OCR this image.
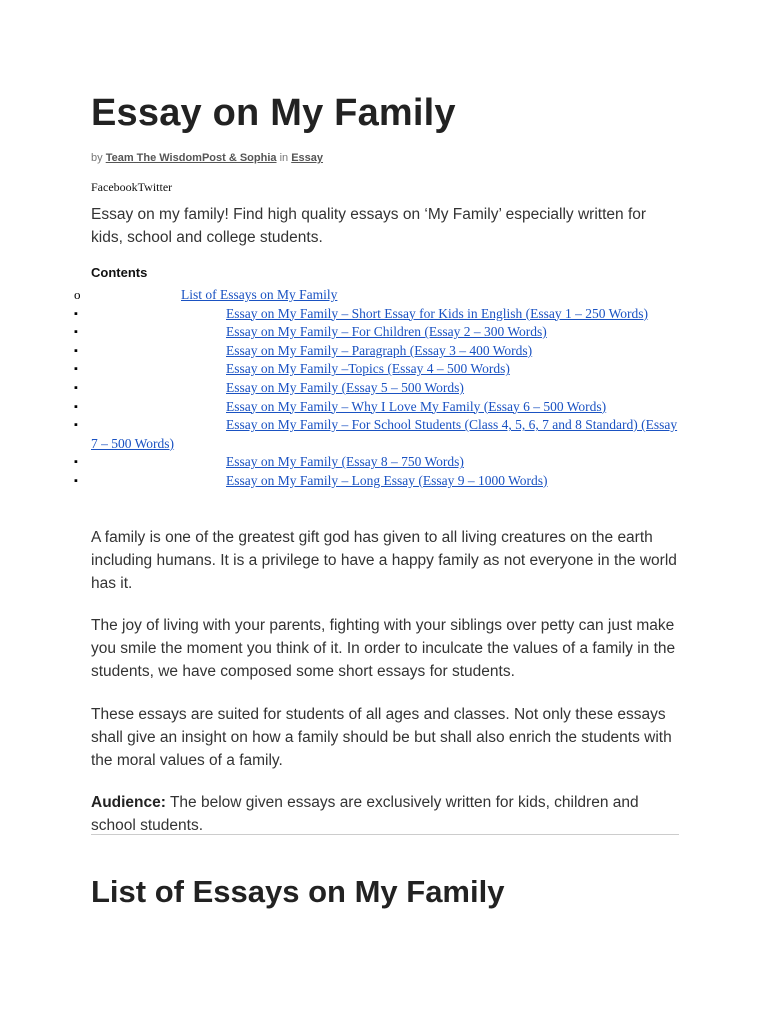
Essay on My Family
by Team The WisdomPost & Sophia in Essay
FacebookTwitter

Essay on my family! Find high quality essays on ‘My Family’ especially written for kids, school and college students.

Contents
o	List of Essays on My Family
▪	Essay on My Family – Short Essay for Kids in English (Essay 1 – 250 Words)
▪	Essay on My Family – For Children (Essay 2 – 300 Words)
▪	Essay on My Family – Paragraph (Essay 3 – 400 Words)
▪	Essay on My Family –Topics (Essay 4 – 500 Words)
▪	Essay on My Family (Essay 5 – 500 Words)
▪	Essay on My Family – Why I Love My Family (Essay 6 – 500 Words)
▪	Essay on My Family – For School Students (Class 4, 5, 6, 7 and 8 Standard) (Essay 7 – 500 Words)
▪	Essay on My Family (Essay 8 – 750 Words)
▪	Essay on My Family – Long Essay (Essay 9 – 1000 Words)

A family is one of the greatest gift god has given to all living creatures on the earth including humans. It is a privilege to have a happy family as not everyone in the world has it.

The joy of living with your parents, fighting with your siblings over petty can just make you smile the moment you think of it. In order to inculcate the values of a family in the students, we have composed some short essays for students.

These essays are suited for students of all ages and classes. Not only these essays shall give an insight on how a family should be but shall also enrich the students with the moral values of a family.

Audience: The below given essays are exclusively written for kids, children and school students.

List of Essays on My Family
